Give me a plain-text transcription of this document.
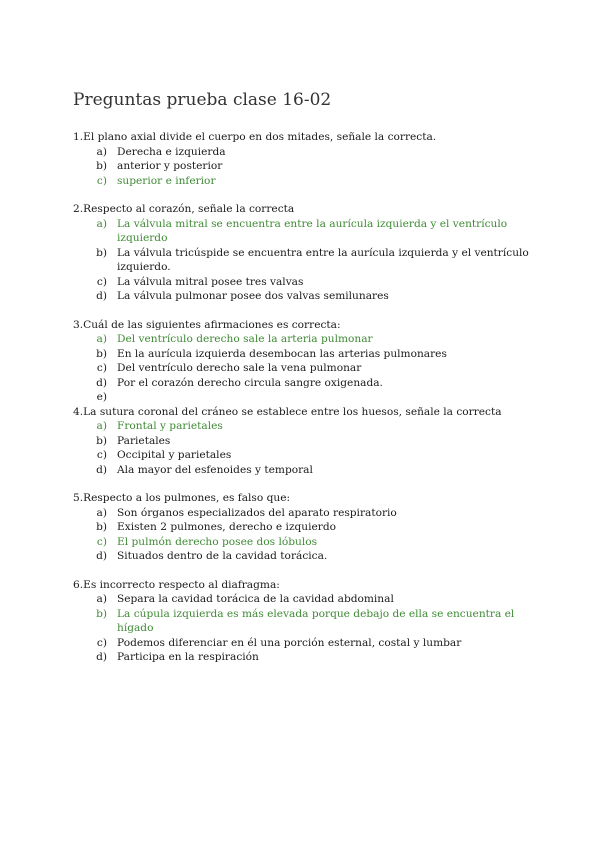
Preguntas prueba clase 16-02

1.El plano axial divide el cuerpo en dos mitades, señale la correcta.

a) Derecha e izquierda
b) anterior y posterior
c) superior e inferior

2.Respecto al corazón, señale la correcta

a) La válvula mitral se encuentra entre la aurícula izquierda y el ventrículo izquierdo
b) La válvula tricúspide se encuentra entre la aurícula izquierda y el ventrículo izquierdo.
c) La válvula mitral posee tres valvas
d) La válvula pulmonar posee dos valvas semilunares

3.Cuál de las siguientes afirmaciones es correcta:

a) Del ventrículo derecho sale la arteria pulmonar
b) En la aurícula izquierda desembocan las arterias pulmonares
c) Del ventrículo derecho sale la vena pulmonar
d) Por el corazón derecho circula sangre oxigenada.
e)

4.La sutura coronal del cráneo se establece entre los huesos, señale la correcta

a) Frontal y parietales
b) Parietales
c) Occipital y parietales
d) Ala mayor del esfenoides y temporal

5.Respecto a los pulmones, es falso que:

a) Son órganos especializados del aparato respiratorio
b) Existen 2 pulmones, derecho e izquierdo
c) El pulmón derecho posee dos lóbulos
d) Situados dentro de la cavidad torácica.

6.Es incorrecto respecto al diafragma:

a) Separa la cavidad torácica de la cavidad abdominal
b) La cúpula izquierda es más elevada porque debajo de ella se encuentra el hígado
c) Podemos diferenciar en él una porción esternal, costal y lumbar
d) Participa en la respiración
